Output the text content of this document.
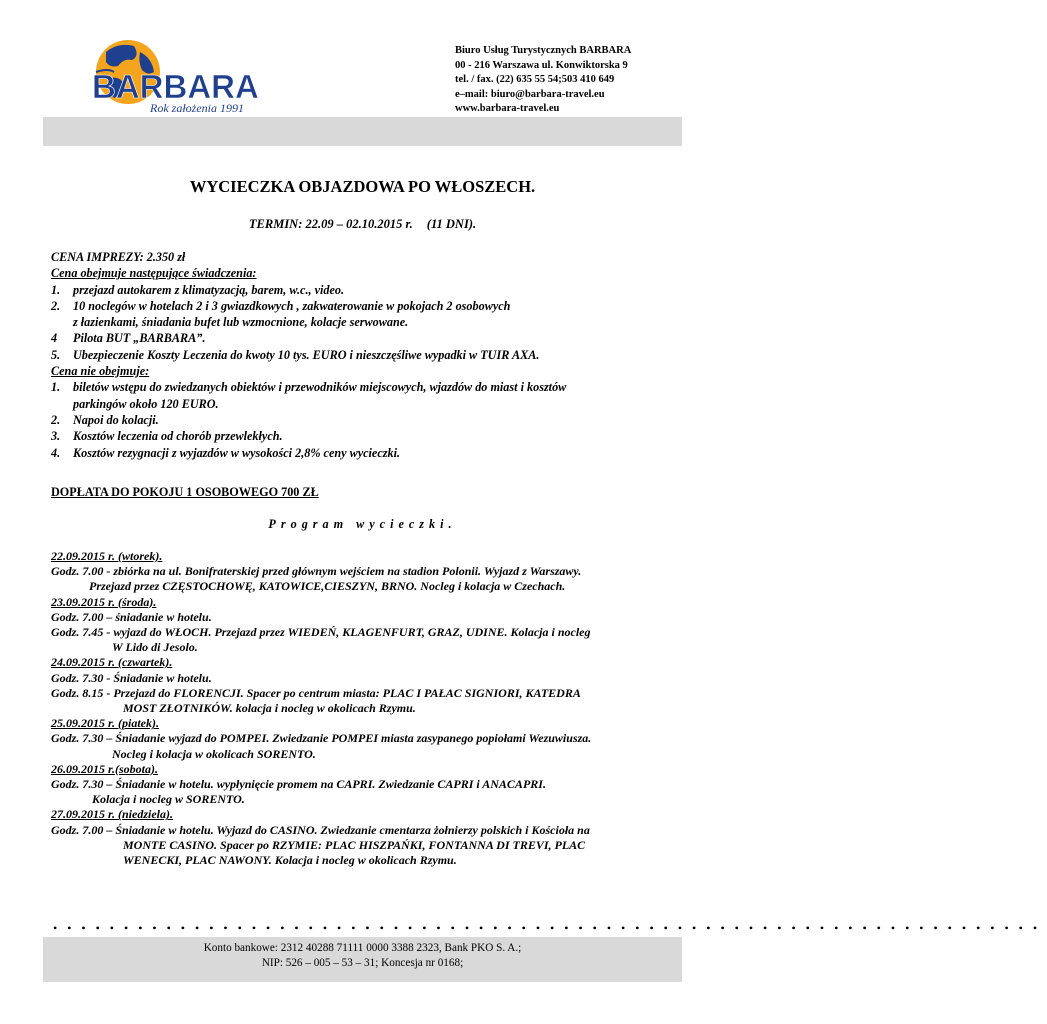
BARBARA
Rok założenia 1991
Biuro Usług Turystycznych BARBARA
00 - 216 Warszawa ul. Konwiktorska 9
tel. / fax. (22) 635 55 54;503 410 649
e–mail: biuro@barbara-travel.eu
www.barbara-travel.eu
WYCIECZKA OBJAZDOWA PO WŁOSZECH.
TERMIN: 22.09 – 02.10.2015 r. (11 DNI).
CENA IMPREZY: 2.350 zł
Cena obejmuje następujące świadczenia:
1. przejazd autokarem z klimatyzacją, barem, w.c., video.
2. 10 noclegów w hotelach 2 i 3 gwiazdkowych , zakwaterowanie w pokojach 2 osobowych
z łazienkami, śniadania bufet lub wzmocnione, kolacje serwowane.
4 Pilota BUT „BARBARA”.
5. Ubezpieczenie Koszty Leczenia do kwoty 10 tys. EURO i nieszczęśliwe wypadki w TUIR AXA.
Cena nie obejmuje:
1. biletów wstępu do zwiedzanych obiektów i przewodników miejscowych, wjazdów do miast i kosztów
parkingów około 120 EURO.
2. Napoi do kolacji.
3. Kosztów leczenia od chorób przewlekłych.
4. Kosztów rezygnacji z wyjazdów w wysokości 2,8% ceny wycieczki.
DOPŁATA DO POKOJU 1 OSOBOWEGO 700 ZŁ
Program wycieczki.
22.09.2015 r. (wtorek).
Godz. 7.00 - zbiórka na ul. Bonifraterskiej przed głównym wejściem na stadion Polonii. Wyjazd z Warszawy.
Przejazd przez CZĘSTOCHOWĘ, KATOWICE,CIESZYN, BRNO. Nocleg i kolacja w Czechach.
23.09.2015 r. (środa).
Godz. 7.00 – śniadanie w hotelu.
Godz. 7.45 - wyjazd do WŁOCH. Przejazd przez WIEDEŃ, KLAGENFURT, GRAZ, UDINE. Kolacja i nocleg
W Lido di Jesolo.
24.09.2015 r. (czwartek).
Godz. 7.30 - Śniadanie w hotelu.
Godz. 8.15 - Przejazd do FLORENCJI. Spacer po centrum miasta: PLAC I PAŁAC SIGNIORI, KATEDRA
MOST ZŁOTNIKÓW. kolacja i nocleg w okolicach Rzymu.
25.09.2015 r. (piatek).
Godz. 7.30 – Śniadanie wyjazd do POMPEI. Zwiedzanie POMPEI miasta zasypanego popiołami Wezuwiusza.
Nocleg i kolacja w okolicach SORENTO.
26.09.2015 r.(sobota).
Godz. 7.30 – Śniadanie w hotelu. wypłynięcie promem na CAPRI. Zwiedzanie CAPRI i ANACAPRI.
Kolacja i nocleg w SORENTO.
27.09.2015 r. (niedziela).
Godz. 7.00 – Śniadanie w hotelu. Wyjazd do CASINO. Zwiedzanie cmentarza żołnierzy polskich i Kościoła na
MONTE CASINO. Spacer po RZYMIE: PLAC HISZPAŃKI, FONTANNA DI TREVI, PLAC
WENECKI, PLAC NAWONY. Kolacja i nocleg w okolicach Rzymu.
••••••••••••••••••••••••••••••••••••••••••••••••••••••••••••••••••••••
Konto bankowe: 2312 40288 71111 0000 3388 2323, Bank PKO S. A.;
NIP: 526 – 005 – 53 – 31; Koncesja nr 0168;
